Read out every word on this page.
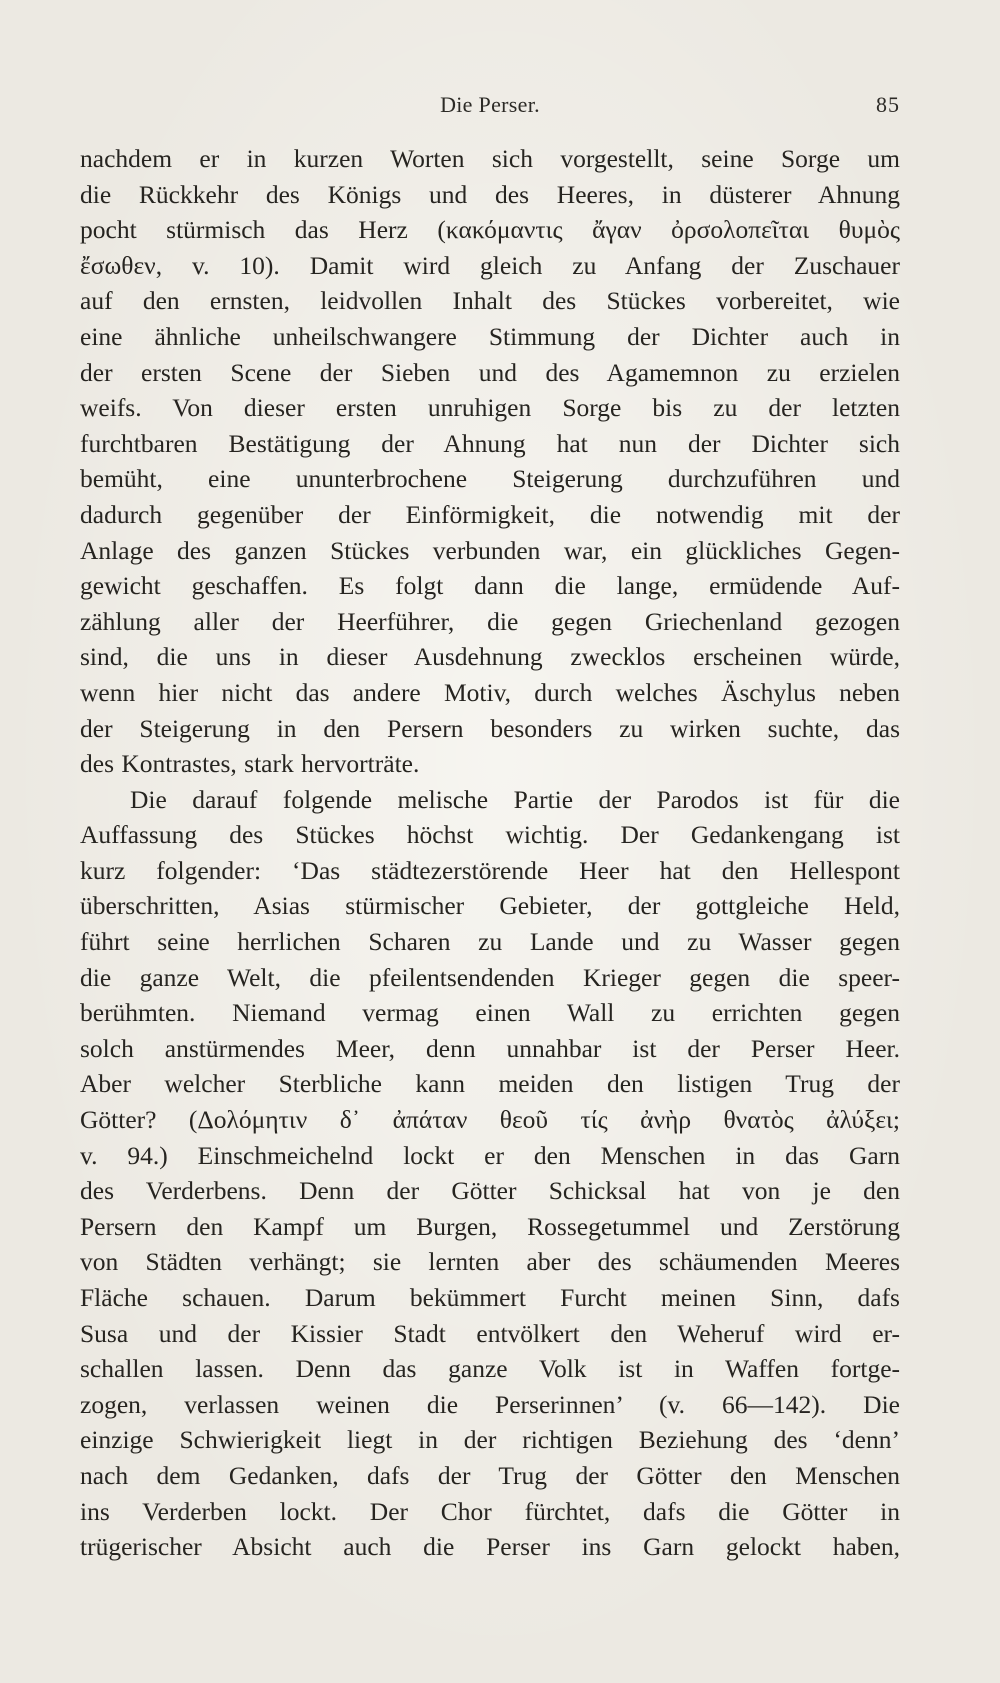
Die Perser.	85
nachdem er in kurzen Worten sich vorgestellt, seine Sorge um
die Rückkehr des Königs und des Heeres, in düsterer Ahnung
pocht stürmisch das Herz (κακόμαντις ἄγαν ὀρσολοπεῖται θυμὸς
ἔσωθεν, v. 10). Damit wird gleich zu Anfang der Zuschauer
auf den ernsten, leidvollen Inhalt des Stückes vorbereitet, wie
eine ähnliche unheilschwangere Stimmung der Dichter auch in
der ersten Scene der Sieben und des Agamemnon zu erzielen
weifs. Von dieser ersten unruhigen Sorge bis zu der letzten
furchtbaren Bestätigung der Ahnung hat nun der Dichter sich
bemüht, eine ununterbrochene Steigerung durchzuführen und
dadurch gegenüber der Einförmigkeit, die notwendig mit der
Anlage des ganzen Stückes verbunden war, ein glückliches Gegen-
gewicht geschaffen. Es folgt dann die lange, ermüdende Auf-
zählung aller der Heerführer, die gegen Griechenland gezogen
sind, die uns in dieser Ausdehnung zwecklos erscheinen würde,
wenn hier nicht das andere Motiv, durch welches Äschylus neben
der Steigerung in den Persern besonders zu wirken suchte, das
des Kontrastes, stark hervorträte.
Die darauf folgende melische Partie der Parodos ist für die
Auffassung des Stückes höchst wichtig. Der Gedankengang ist
kurz folgender: ‘Das städtezerstörende Heer hat den Hellespont
überschritten, Asias stürmischer Gebieter, der gottgleiche Held,
führt seine herrlichen Scharen zu Lande und zu Wasser gegen
die ganze Welt, die pfeilentsendenden Krieger gegen die speer-
berühmten. Niemand vermag einen Wall zu errichten gegen
solch anstürmendes Meer, denn unnahbar ist der Perser Heer.
Aber welcher Sterbliche kann meiden den listigen Trug der
Götter? (Δολόμητιν δ᾽ ἀπάταν θεοῦ τίς ἀνὴρ θνατὸς ἀλύξει;
v. 94.) Einschmeichelnd lockt er den Menschen in das Garn
des Verderbens. Denn der Götter Schicksal hat von je den
Persern den Kampf um Burgen, Rossegetummel und Zerstörung
von Städten verhängt; sie lernten aber des schäumenden Meeres
Fläche schauen. Darum bekümmert Furcht meinen Sinn, dafs
Susa und der Kissier Stadt entvölkert den Weheruf wird er-
schallen lassen. Denn das ganze Volk ist in Waffen fortge-
zogen, verlassen weinen die Perserinnen’ (v. 66—142). Die
einzige Schwierigkeit liegt in der richtigen Beziehung des ‘denn’
nach dem Gedanken, dafs der Trug der Götter den Menschen
ins Verderben lockt. Der Chor fürchtet, dafs die Götter in
trügerischer Absicht auch die Perser ins Garn gelockt haben,
